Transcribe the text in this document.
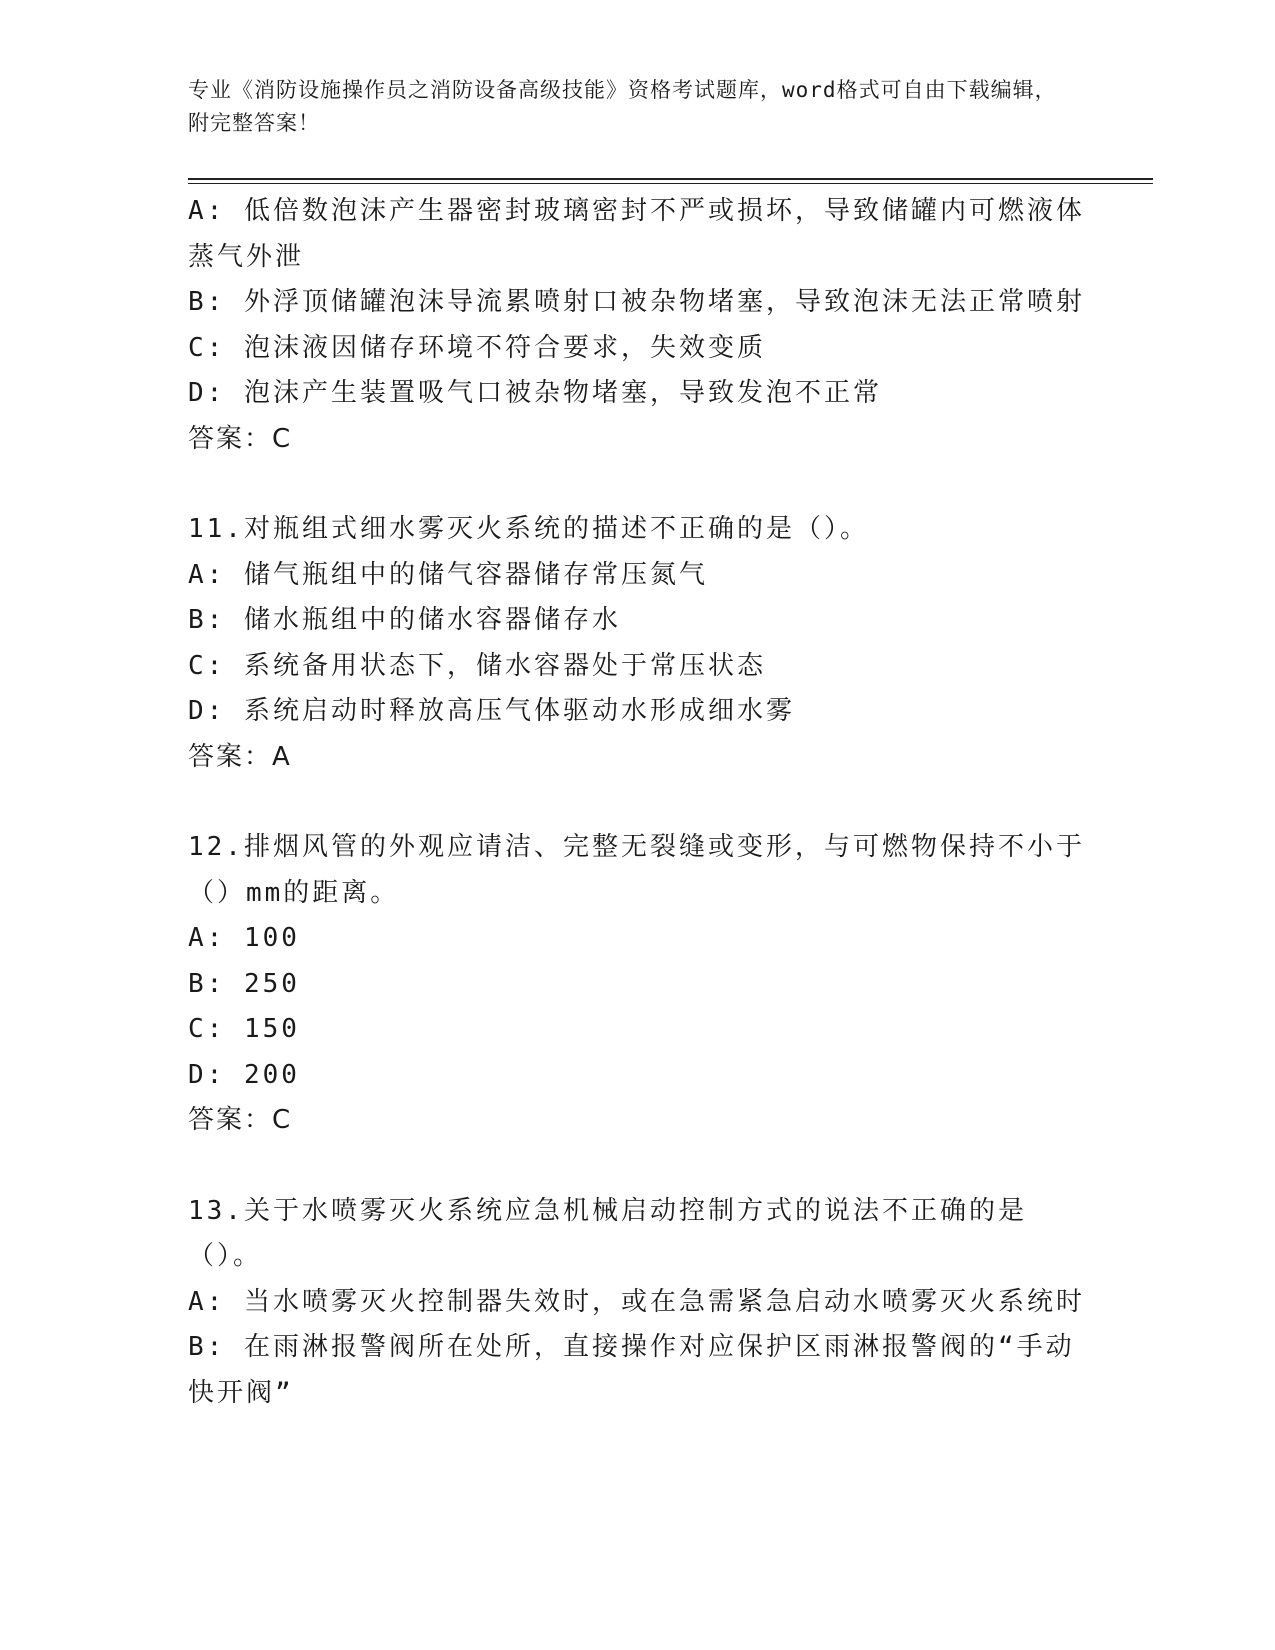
专业《消防设施操作员之消防设备高级技能》资格考试题库，word格式可自由下载编辑，附完整答案！
A: 低倍数泡沫产生器密封玻璃密封不严或损坏，导致储罐内可燃液体蒸气外泄
B: 外浮顶储罐泡沫导流累喷射口被杂物堵塞，导致泡沫无法正常喷射
C: 泡沫液因储存环境不符合要求，失效变质
D: 泡沫产生装置吸气口被杂物堵塞，导致发泡不正常
答案：C
11.对瓶组式细水雾灭火系统的描述不正确的是（）。
A: 储气瓶组中的储气容器储存常压氮气
B: 储水瓶组中的储水容器储存水
C: 系统备用状态下，储水容器处于常压状态
D: 系统启动时释放高压气体驱动水形成细水雾
答案：A
12.排烟风管的外观应请洁、完整无裂缝或变形，与可燃物保持不小于（）mm的距离。
A: 100
B: 250
C: 150
D: 200
答案：C
13.关于水喷雾灭火系统应急机械启动控制方式的说法不正确的是（）。
A: 当水喷雾灭火控制器失效时，或在急需紧急启动水喷雾灭火系统时
B: 在雨淋报警阀所在处所，直接操作对应保护区雨淋报警阀的“手动快开阀”
